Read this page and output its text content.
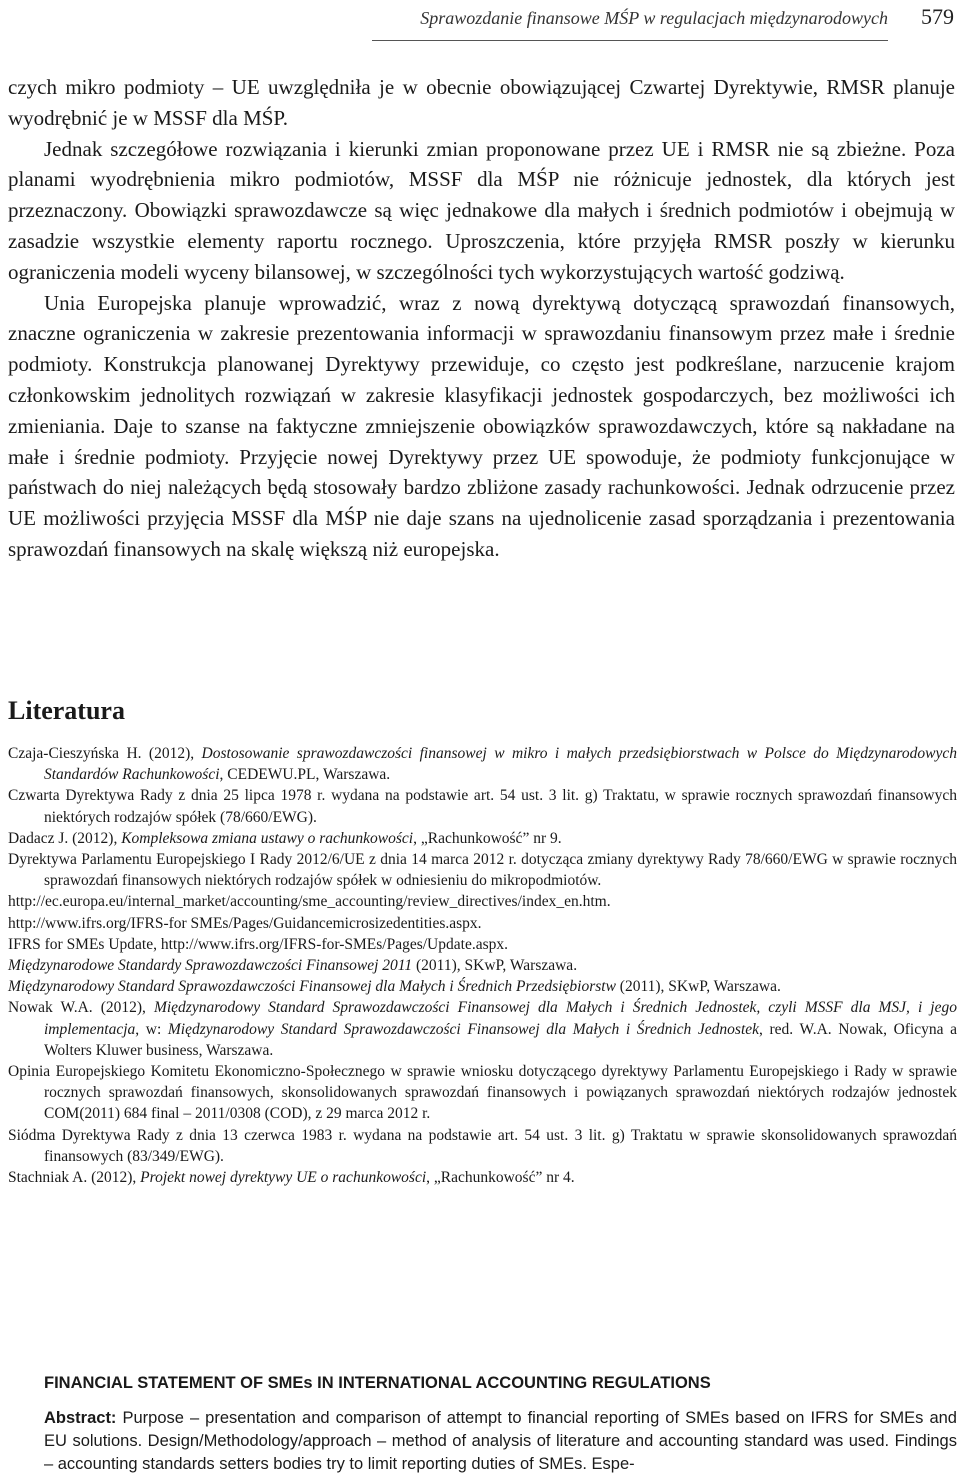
Sprawozdanie finansowe MŚP w regulacjach międzynarodowych 579

czych mikro podmioty – UE uwzględniła je w obecnie obowiązującej Czwartej Dyrektywie, RMSR planuje wyodrębnić je w MSSF dla MŚP.

Jednak szczegółowe rozwiązania i kierunki zmian proponowane przez UE i RMSR nie są zbieżne. Poza planami wyodrębnienia mikro podmiotów, MSSF dla MŚP nie różnicuje jednostek, dla których jest przeznaczony. Obowiązki sprawozdawcze są więc jednakowe dla małych i średnich podmiotów i obejmują w zasadzie wszystkie elementy raportu rocznego. Uproszczenia, które przyjęła RMSR poszły w kierunku ograniczenia modeli wyceny bilansowej, w szczególności tych wykorzystujących wartość godziwą.

Unia Europejska planuje wprowadzić, wraz z nową dyrektywą dotyczącą sprawozdań finansowych, znaczne ograniczenia w zakresie prezentowania informacji w sprawozdaniu finansowym przez małe i średnie podmioty. Konstrukcja planowanej Dyrektywy przewiduje, co często jest podkreślane, narzucenie krajom członkowskim jednolitych rozwiązań w zakresie klasyfikacji jednostek gospodarczych, bez możliwości ich zmieniania. Daje to szanse na faktyczne zmniejszenie obowiązków sprawozdawczych, które są nakładane na małe i średnie podmioty. Przyjęcie nowej Dyrektywy przez UE spowoduje, że podmioty funkcjonujące w państwach do niej należących będą stosowały bardzo zbliżone zasady rachunkowości. Jednak odrzucenie przez UE możliwości przyjęcia MSSF dla MŚP nie daje szans na ujednolicenie zasad sporządzania i prezentowania sprawozdań finansowych na skalę większą niż europejska.

Literatura

Czaja-Cieszyńska H. (2012), Dostosowanie sprawozdawczości finansowej w mikro i małych przedsiębiorstwach w Polsce do Międzynarodowych Standardów Rachunkowości, CEDEWU.PL, Warszawa.

Czwarta Dyrektywa Rady z dnia 25 lipca 1978 r. wydana na podstawie art. 54 ust. 3 lit. g) Traktatu, w sprawie rocznych sprawozdań finansowych niektórych rodzajów spółek (78/660/EWG).

Dadacz J. (2012), Kompleksowa zmiana ustawy o rachunkowości, „Rachunkowość” nr 9.

Dyrektywa Parlamentu Europejskiego I Rady 2012/6/UE z dnia 14 marca 2012 r. dotycząca zmiany dyrektywy Rady 78/660/EWG w sprawie rocznych sprawozdań finansowych niektórych rodzajów spółek w odniesieniu do mikropodmiotów.

http://ec.europa.eu/internal_market/accounting/sme_accounting/review_directives/index_en.htm.

http://www.ifrs.org/IFRS-for SMEs/Pages/Guidancemicrosizedentities.aspx.

IFRS for SMEs Update, http://www.ifrs.org/IFRS-for-SMEs/Pages/Update.aspx.

Międzynarodowe Standardy Sprawozdawczości Finansowej 2011 (2011), SKwP, Warszawa.

Międzynarodowy Standard Sprawozdawczości Finansowej dla Małych i Średnich Przedsiębiorstw (2011), SKwP, Warszawa.

Nowak W.A. (2012), Międzynarodowy Standard Sprawozdawczości Finansowej dla Małych i Średnich Jednostek, czyli MSSF dla MSJ, i jego implementacja, w: Międzynarodowy Standard Sprawozdawczości Finansowej dla Małych i Średnich Jednostek, red. W.A. Nowak, Oficyna a Wolters Kluwer business, Warszawa.

Opinia Europejskiego Komitetu Ekonomiczno-Społecznego w sprawie wniosku dotyczącego dyrektywy Parlamentu Europejskiego i Rady w sprawie rocznych sprawozdań finansowych, skonsolidowanych sprawozdań finansowych i powiązanych sprawozdań niektórych rodzajów jednostek COM(2011) 684 final – 2011/0308 (COD), z 29 marca 2012 r.

Siódma Dyrektywa Rady z dnia 13 czerwca 1983 r. wydana na podstawie art. 54 ust. 3 lit. g) Traktatu w sprawie skonsolidowanych sprawozdań finansowych (83/349/EWG).

Stachniak A. (2012), Projekt nowej dyrektywy UE o rachunkowości, „Rachunkowość” nr 4.

FINANCIAL STATEMENT OF SMEs IN INTERNATIONAL ACCOUNTING REGULATIONS

Abstract: Purpose – presentation and comparison of attempt to financial reporting of SMEs based on IFRS for SMEs and EU solutions. Design/Methodology/approach – method of analysis of literature and accounting standard was used. Findings – accounting standards setters bodies try to limit reporting duties of SMEs. Espe-
